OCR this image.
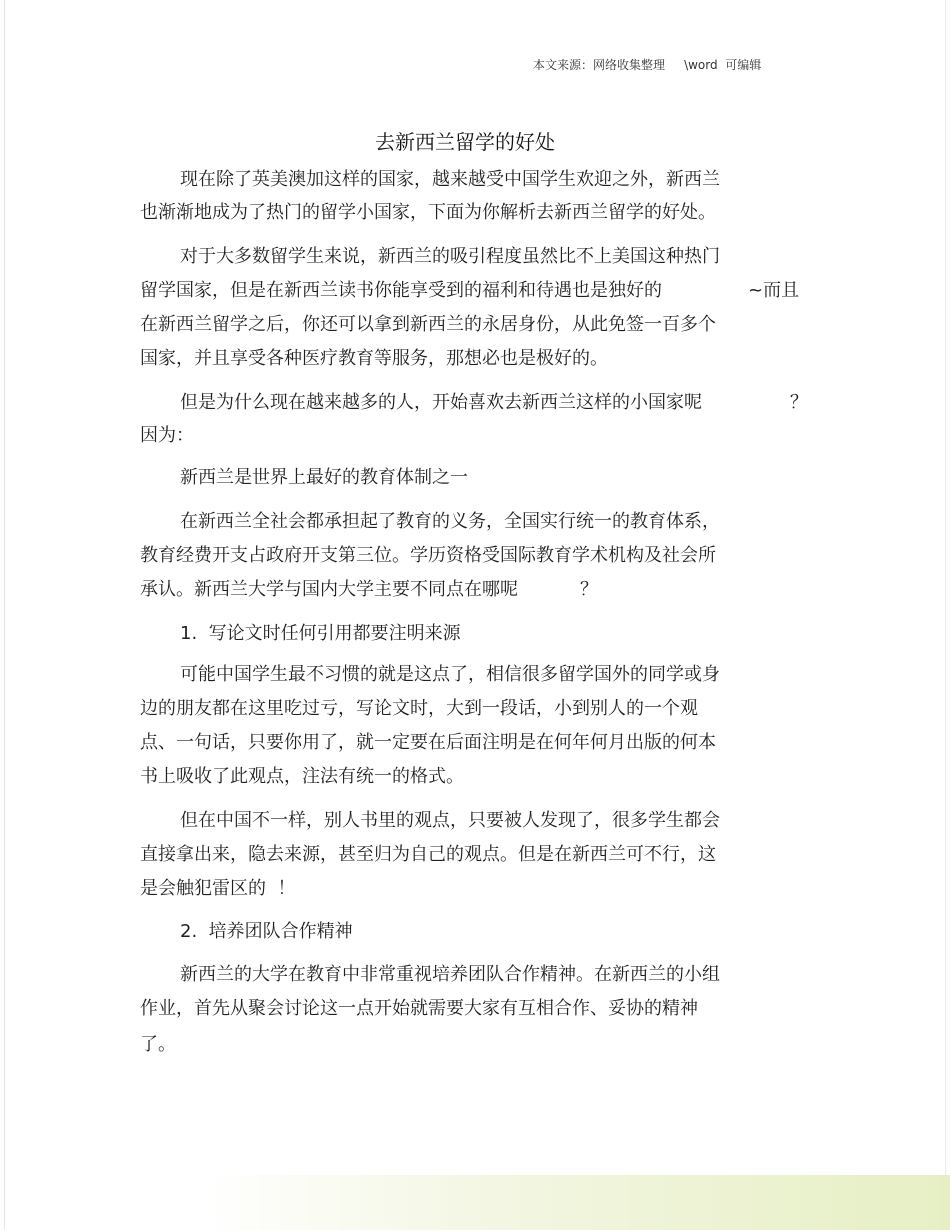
本文来源：网络收集整理     \word  可编辑
去新西兰留学的好处
现在除了英美澳加这样的国家，越来越受中国学生欢迎之外，新西兰
也渐渐地成为了热门的留学小国家，下面为你解析去新西兰留学的好处。
对于大多数留学生来说，新西兰的吸引程度虽然比不上美国这种热门
留学国家，但是在新西兰读书你能享受到的福利和待遇也是独好的	~而且
在新西兰留学之后，你还可以拿到新西兰的永居身份，从此免签一百多个
国家，并且享受各种医疗教育等服务，那想必也是极好的。
但是为什么现在越来越多的人，开始喜欢去新西兰这样的小国家呢	？
因为：
新西兰是世界上最好的教育体制之一
在新西兰全社会都承担起了教育的义务，全国实行统一的教育体系，
教育经费开支占政府开支第三位。学历资格受国际教育学术机构及社会所
承认。新西兰大学与国内大学主要不同点在哪呢	？
1.  写论文时任何引用都要注明来源
可能中国学生最不习惯的就是这点了，相信很多留学国外的同学或身
边的朋友都在这里吃过亏，写论文时，大到一段话，小到别人的一个观
点、一句话，只要你用了，就一定要在后面注明是在何年何月出版的何本
书上吸收了此观点，注法有统一的格式。
但在中国不一样，别人书里的观点，只要被人发现了，很多学生都会
直接拿出来，隐去来源，甚至归为自己的观点。但是在新西兰可不行，这
是会触犯雷区的  ！
2.  培养团队合作精神
新西兰的大学在教育中非常重视培养团队合作精神。在新西兰的小组
作业，首先从聚会讨论这一点开始就需要大家有互相合作、妥协的精神
了。
